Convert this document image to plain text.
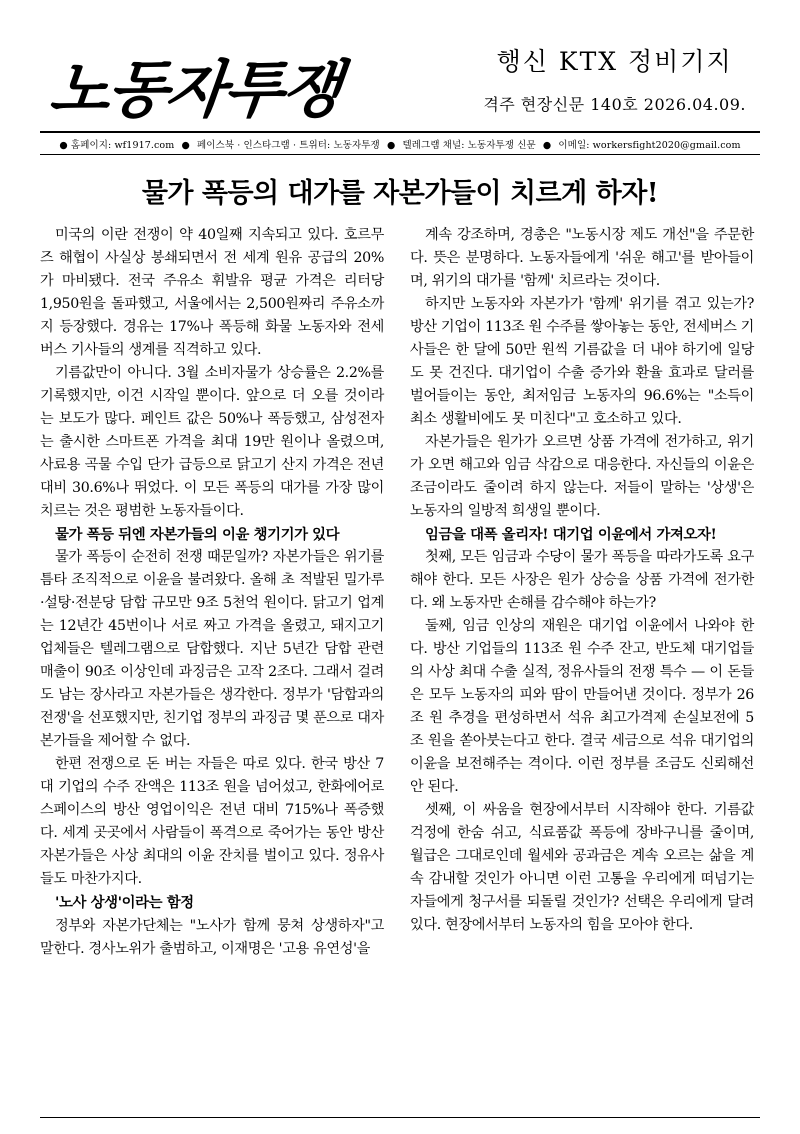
노동자투쟁	행신 KTX 정비기지
격주 현장신문 140호 2026.04.09.
● 홈페이지: wf1917.com ● 페이스북 · 인스타그램 · 트위터: 노동자투쟁 ● 텔레그램 채널: 노동자투쟁 신문 ● 이메일: workersfight2020@gmail.com
물가 폭등의 대가를 자본가들이 치르게 하자!

미국의 이란 전쟁이 약 40일째 지속되고 있다. 호르무즈 해협이 사실상 봉쇄되면서 전 세계 원유 공급의 20%가 마비됐다. 전국 주유소 휘발유 평균 가격은 리터당 1,950원을 돌파했고, 서울에서는 2,500원짜리 주유소까지 등장했다. 경유는 17%나 폭등해 화물 노동자와 전세버스 기사들의 생계를 직격하고 있다.

기름값만이 아니다. 3월 소비자물가 상승률은 2.2%를 기록했지만, 이건 시작일 뿐이다. 앞으로 더 오를 것이라는 보도가 많다. 페인트 값은 50%나 폭등했고, 삼성전자는 출시한 스마트폰 가격을 최대 19만 원이나 올렸으며, 사료용 곡물 수입 단가 급등으로 닭고기 산지 가격은 전년 대비 30.6%나 뛰었다. 이 모든 폭등의 대가를 가장 많이 치르는 것은 평범한 노동자들이다.

물가 폭등 뒤엔 자본가들의 이윤 챙기기가 있다

물가 폭등이 순전히 전쟁 때문일까? 자본가들은 위기를 틈타 조직적으로 이윤을 불려왔다. 올해 초 적발된 밀가루·설탕·전분당 담합 규모만 9조 5천억 원이다. 닭고기 업계는 12년간 45번이나 서로 짜고 가격을 올렸고, 돼지고기 업체들은 텔레그램으로 담합했다. 지난 5년간 담합 관련 매출이 90조 이상인데 과징금은 고작 2조다. 그래서 걸려도 남는 장사라고 자본가들은 생각한다. 정부가 '담합과의 전쟁'을 선포했지만, 친기업 정부의 과징금 몇 푼으로 대자본가들을 제어할 수 없다.

한편 전쟁으로 돈 버는 자들은 따로 있다. 한국 방산 7대 기업의 수주 잔액은 113조 원을 넘어섰고, 한화에어로스페이스의 방산 영업이익은 전년 대비 715%나 폭증했다. 세계 곳곳에서 사람들이 폭격으로 죽어가는 동안 방산 자본가들은 사상 최대의 이윤 잔치를 벌이고 있다. 정유사들도 마찬가지다.

'노사 상생'이라는 함정

정부와 자본가단체는 "노사가 함께 뭉쳐 상생하자"고 말한다. 경사노위가 출범하고, 이재명은 '고용 유연성'을

계속 강조하며, 경총은 "노동시장 제도 개선"을 주문한다. 뜻은 분명하다. 노동자들에게 '쉬운 해고'를 받아들이며, 위기의 대가를 '함께' 치르라는 것이다.

하지만 노동자와 자본가가 '함께' 위기를 겪고 있는가? 방산 기업이 113조 원 수주를 쌓아놓는 동안, 전세버스 기사들은 한 달에 50만 원씩 기름값을 더 내야 하기에 일당도 못 건진다. 대기업이 수출 증가와 환율 효과로 달러를 벌어들이는 동안, 최저임금 노동자의 96.6%는 "소득이 최소 생활비에도 못 미친다"고 호소하고 있다.

자본가들은 원가가 오르면 상품 가격에 전가하고, 위기가 오면 해고와 임금 삭감으로 대응한다. 자신들의 이윤은 조금이라도 줄이려 하지 않는다. 저들이 말하는 '상생'은 노동자의 일방적 희생일 뿐이다.

임금을 대폭 올리자! 대기업 이윤에서 가져오자!

첫째, 모든 임금과 수당이 물가 폭등을 따라가도록 요구해야 한다. 모든 사장은 원가 상승을 상품 가격에 전가한다. 왜 노동자만 손해를 감수해야 하는가?

둘째, 임금 인상의 재원은 대기업 이윤에서 나와야 한다. 방산 기업들의 113조 원 수주 잔고, 반도체 대기업들의 사상 최대 수출 실적, 정유사들의 전쟁 특수 — 이 돈들은 모두 노동자의 피와 땀이 만들어낸 것이다. 정부가 26조 원 추경을 편성하면서 석유 최고가격제 손실보전에 5조 원을 쏟아붓는다고 한다. 결국 세금으로 석유 대기업의 이윤을 보전해주는 격이다. 이런 정부를 조금도 신뢰해선 안 된다.

셋째, 이 싸움을 현장에서부터 시작해야 한다. 기름값 걱정에 한숨 쉬고, 식료품값 폭등에 장바구니를 줄이며, 월급은 그대로인데 월세와 공과금은 계속 오르는 삶을 계속 감내할 것인가 아니면 이런 고통을 우리에게 떠넘기는 자들에게 청구서를 되돌릴 것인가? 선택은 우리에게 달려 있다. 현장에서부터 노동자의 힘을 모아야 한다.
